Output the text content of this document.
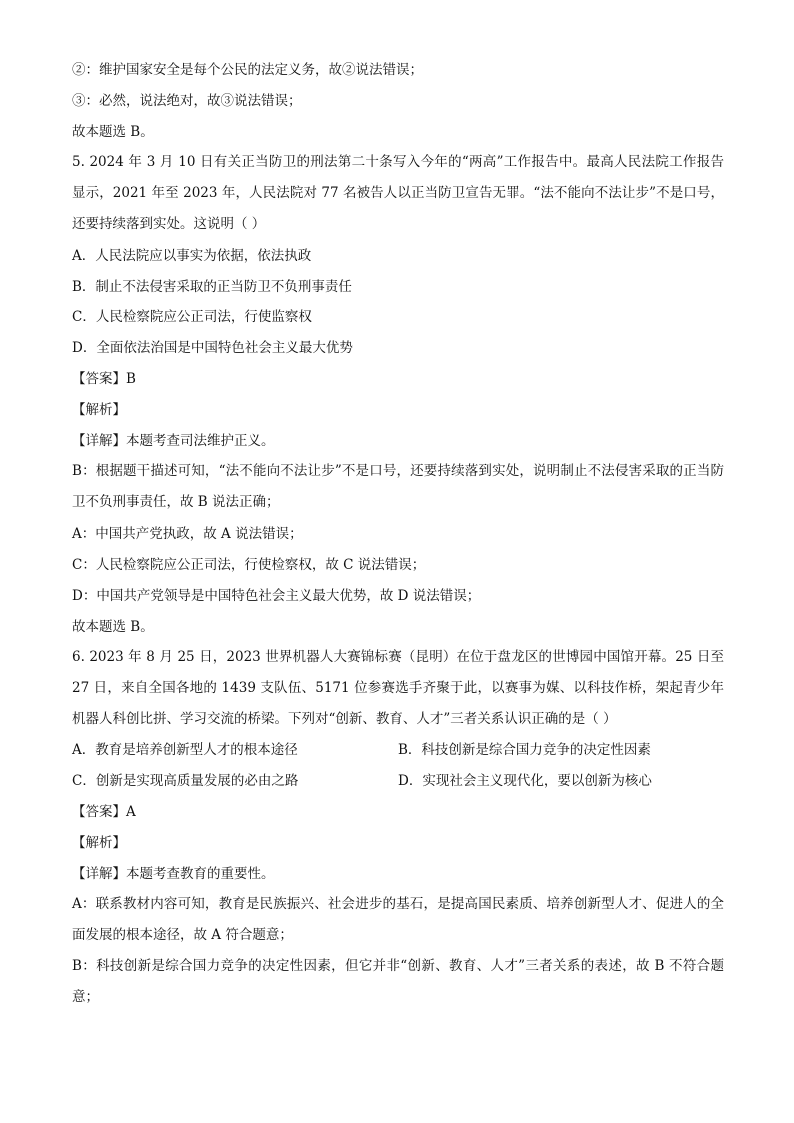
②：维护国家安全是每个公民的法定义务，故②说法错误；
③：必然，说法绝对，故③说法错误；
故本题选 B。

5. 2024 年 3 月 10 日有关正当防卫的刑法第二十条写入今年的“两高”工作报告中。最高人民法院工作报告显示，2021 年至 2023 年，人民法院对 77 名被告人以正当防卫宣告无罪。“法不能向不法让步”不是口号，还要持续落到实处。这说明（ ）

A．人民法院应以事实为依据，依法执政
B．制止不法侵害采取的正当防卫不负刑事责任
C．人民检察院应公正司法，行使监察权
D．全面依法治国是中国特色社会主义最大优势
【答案】B
【解析】
【详解】本题考查司法维护正义。

B：根据题干描述可知，“法不能向不法让步”不是口号，还要持续落到实处，说明制止不法侵害采取的正当防卫不负刑事责任，故 B 说法正确；

A：中国共产党执政，故 A 说法错误；
C：人民检察院应公正司法，行使检察权，故 C 说法错误；
D：中国共产党领导是中国特色社会主义最大优势，故 D 说法错误；
故本题选 B。

6. 2023 年 8 月 25 日，2023 世界机器人大赛锦标赛（昆明）在位于盘龙区的世博园中国馆开幕。25 日至 27 日，来自全国各地的 1439 支队伍、5171 位参赛选手齐聚于此，以赛事为媒、以科技作桥，架起青少年机器人科创比拼、学习交流的桥梁。下列对“创新、教育、人才”三者关系认识正确的是（ ）

A．教育是培养创新型人才的根本途径	B．科技创新是综合国力竞争的决定性因素
C．创新是实现高质量发展的必由之路	D．实现社会主义现代化，要以创新为核心
【答案】A
【解析】
【详解】本题考查教育的重要性。

A：联系教材内容可知，教育是民族振兴、社会进步的基石，是提高国民素质、培养创新型人才、促进人的全面发展的根本途径，故 A 符合题意；

B：科技创新是综合国力竞争的决定性因素，但它并非“创新、教育、人才”三者关系的表述，故 B 不符合题意；
